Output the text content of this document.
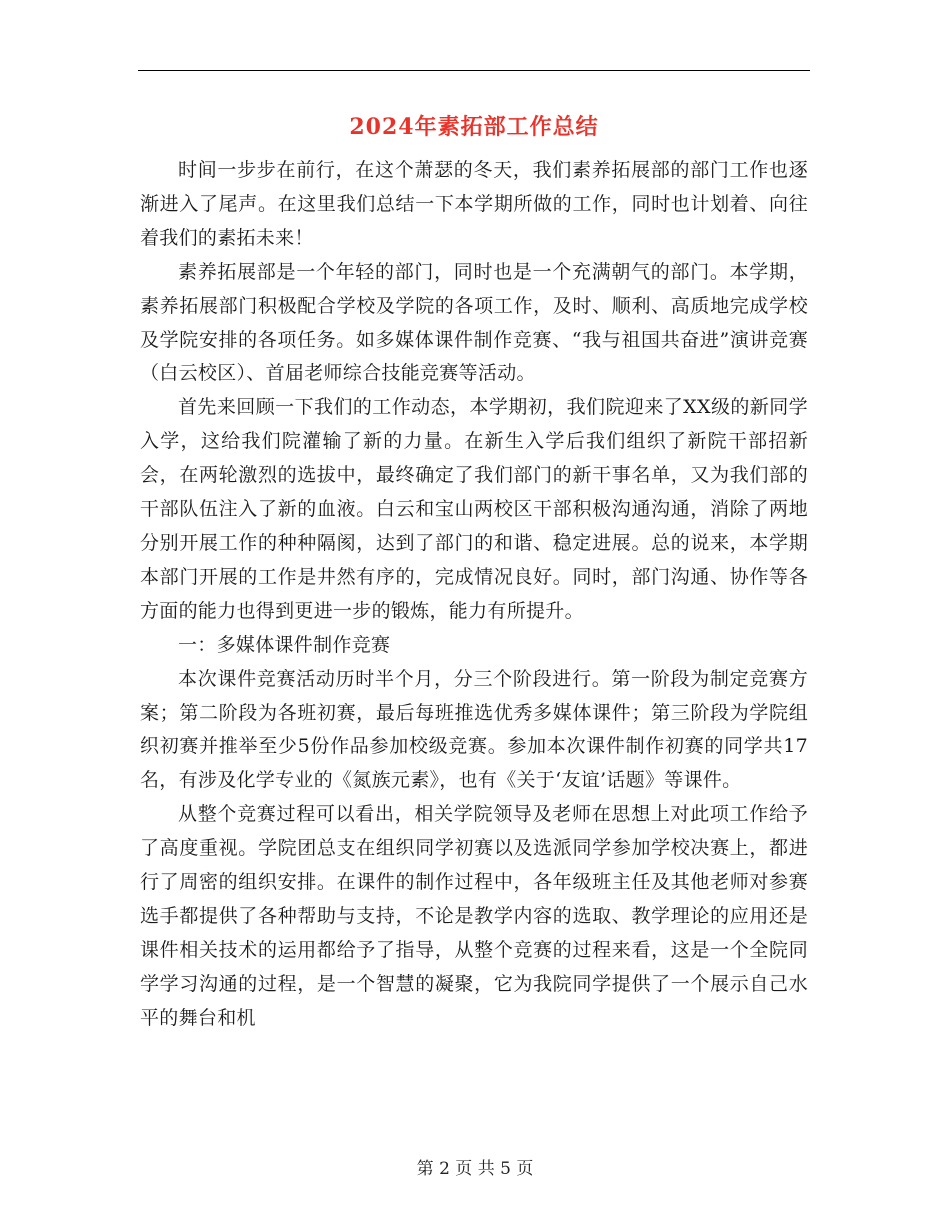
2024年素拓部工作总结

时间一步步在前行，在这个萧瑟的冬天，我们素养拓展部的部门工作也逐渐进入了尾声。在这里我们总结一下本学期所做的工作，同时也计划着、向往着我们的素拓未来！

素养拓展部是一个年轻的部门，同时也是一个充满朝气的部门。本学期，素养拓展部门积极配合学校及学院的各项工作，及时、顺利、高质地完成学校及学院安排的各项任务。如多媒体课件制作竞赛、“我与祖国共奋进”演讲竞赛（白云校区）、首届老师综合技能竞赛等活动。

首先来回顾一下我们的工作动态，本学期初，我们院迎来了XX级的新同学入学，这给我们院灌输了新的力量。在新生入学后我们组织了新院干部招新会，在两轮激烈的选拔中，最终确定了我们部门的新干事名单，又为我们部的干部队伍注入了新的血液。白云和宝山两校区干部积极沟通沟通，消除了两地分别开展工作的种种隔阂，达到了部门的和谐、稳定进展。总的说来，本学期本部门开展的工作是井然有序的，完成情况良好。同时，部门沟通、协作等各方面的能力也得到更进一步的锻炼，能力有所提升。

一：多媒体课件制作竞赛

本次课件竞赛活动历时半个月，分三个阶段进行。第一阶段为制定竞赛方案；第二阶段为各班初赛，最后每班推选优秀多媒体课件；第三阶段为学院组织初赛并推举至少5份作品参加校级竞赛。参加本次课件制作初赛的同学共17名，有涉及化学专业的《氮族元素》，也有《关于‘友谊’话题》等课件。

从整个竞赛过程可以看出，相关学院领导及老师在思想上对此项工作给予了高度重视。学院团总支在组织同学初赛以及选派同学参加学校决赛上，都进行了周密的组织安排。在课件的制作过程中，各年级班主任及其他老师对参赛选手都提供了各种帮助与支持，不论是教学内容的选取、教学理论的应用还是课件相关技术的运用都给予了指导，从整个竞赛的过程来看，这是一个全院同学学习沟通的过程，是一个智慧的凝聚，它为我院同学提供了一个展示自己水平的舞台和机

第 2 页 共 5 页
